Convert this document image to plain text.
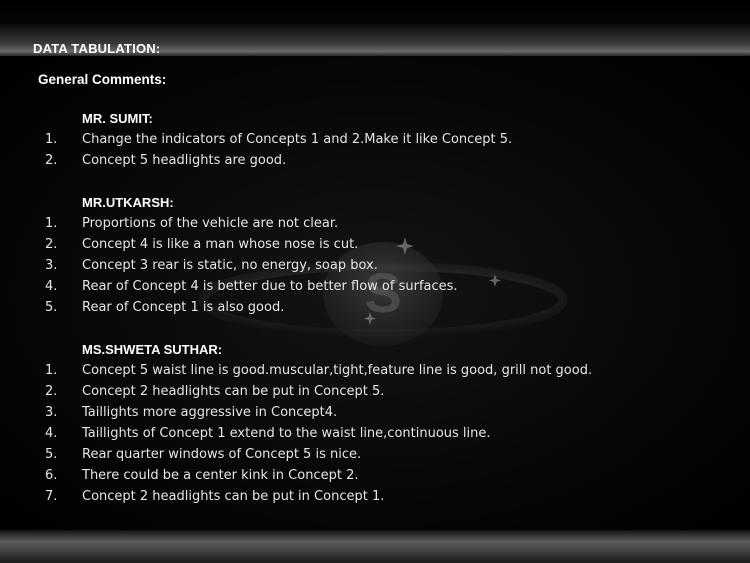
S
DATA TABULATION:
General Comments:
MR. SUMIT:
1. Change the indicators of Concepts 1 and 2.Make it like Concept 5.
2. Concept 5 headlights are good.
MR.UTKARSH:
1. Proportions of the vehicle are not clear.
2. Concept 4 is like a man whose nose is cut.
3. Concept 3 rear is static, no energy, soap box.
4. Rear of Concept 4 is better due to better flow of surfaces.
5. Rear of Concept 1 is also good.
MS.SHWETA SUTHAR:
1. Concept 5 waist line is good.muscular,tight,feature line is good, grill not good.
2. Concept 2 headlights can be put in Concept 5.
3. Taillights more aggressive in Concept4.
4. Taillights of Concept 1 extend to the waist line,continuous line.
5. Rear quarter windows of Concept 5 is nice.
6. There could be a center kink in Concept 2.
7. Concept 2 headlights can be put in Concept 1.
